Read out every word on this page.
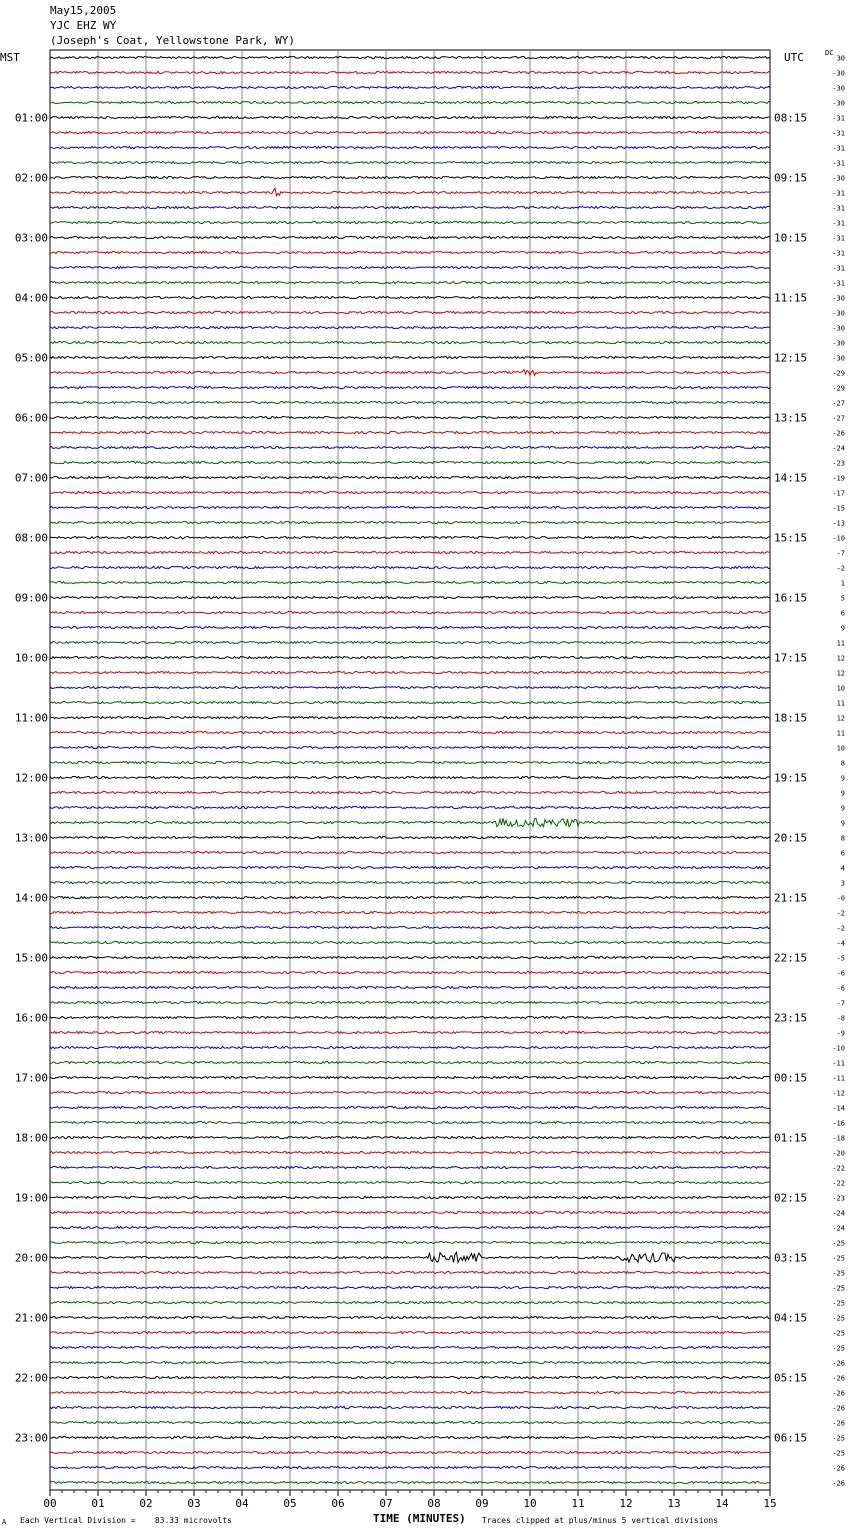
May15,2005
YJC EHZ WY
(Joseph's Coat, Yellowstone Park, WY)
MST	UTC	DC
01:00
02:00
03:00
04:00
05:00
06:00
07:00
08:00
09:00
10:00
11:00
12:00
13:00
14:00
15:00
16:00
17:00
18:00
19:00
20:00
21:00
22:00
23:00
08:15
09:15
10:15
11:15
12:15
13:15
14:15
15:15
16:15
17:15
18:15
19:15
20:15
21:15
22:15
23:15
00:15
01:15
02:15
03:15
04:15
05:15
06:15
30
-30
-30
-30
-31
-31
-31
-31
-30
-31
-31
-31
-31
-31
-31
-31
-30
-30
-30
-30
-30
-29
-29
-27
-27
-26
-24
-23
-19
-17
-15
-13
-10
-7
-2
1
5
6
9
11
12
12
10
11
12
11
10
8
9
9
9
9
8
6
4
3
-0
-2
-2
-4
-5
-6
-6
-7
-8
-9
-10
-11
-11
-12
-14
-16
-18
-20
-22
-22
-23
-24
-24
-25
-25
-25
-25
-25
-25
-25
-25
-26
-26
-26
-26
-26
-25
-25
-26
-26
00	01	02	03	04	05	06	07	08	09	10	11	12	13	14	15
TIME (MINUTES)
Each Vertical Division =    83.33 microvolts	Traces clipped at plus/minus 5 vertical divisions
A
